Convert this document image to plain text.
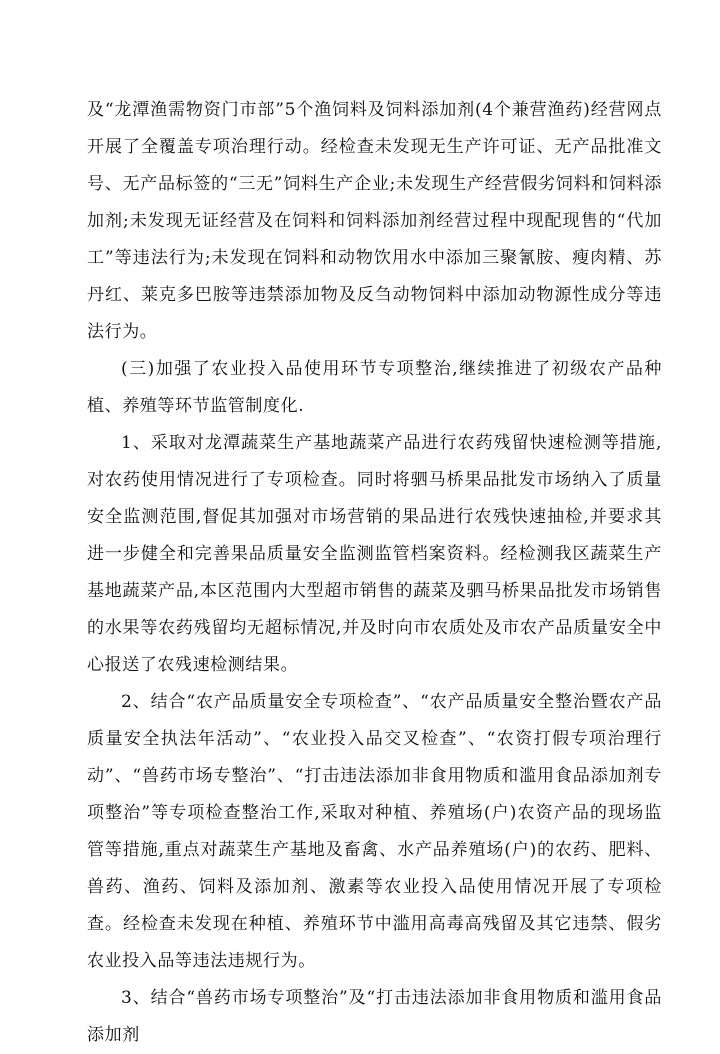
及“龙潭渔需物资门市部”5个渔饲料及饲料添加剂(4个兼营渔药)经营网点开展了全覆盖专项治理行动。经检查未发现无生产许可证、无产品批准文号、无产品标签的“三无”饲料生产企业;未发现生产经营假劣饲料和饲料添加剂;未发现无证经营及在饲料和饲料添加剂经营过程中现配现售的“代加工”等违法行为;未发现在饲料和动物饮用水中添加三聚氰胺、瘦肉精、苏丹红、莱克多巴胺等违禁添加物及反刍动物饲料中添加动物源性成分等违法行为。

(三)加强了农业投入品使用环节专项整治,继续推进了初级农产品种植、养殖等环节监管制度化.

1、采取对龙潭蔬菜生产基地蔬菜产品进行农药残留快速检测等措施,对农药使用情况进行了专项检查。同时将驷马桥果品批发市场纳入了质量安全监测范围,督促其加强对市场营销的果品进行农残快速抽检,并要求其进一步健全和完善果品质量安全监测监管档案资料。经检测我区蔬菜生产基地蔬菜产品,本区范围内大型超市销售的蔬菜及驷马桥果品批发市场销售的水果等农药残留均无超标情况,并及时向市农质处及市农产品质量安全中心报送了农残速检测结果。

2、结合“农产品质量安全专项检查”、“农产品质量安全整治暨农产品质量安全执法年活动”、“农业投入品交叉检查”、“农资打假专项治理行动”、“兽药市场专整治”、“打击违法添加非食用物质和滥用食品添加剂专项整治”等专项检查整治工作,采取对种植、养殖场(户)农资产品的现场监管等措施,重点对蔬菜生产基地及畜禽、水产品养殖场(户)的农药、肥料、兽药、渔药、饲料及添加剂、激素等农业投入品使用情况开展了专项检查。经检查未发现在种植、养殖环节中滥用高毒高残留及其它违禁、假劣农业投入品等违法违规行为。

3、结合“兽药市场专项整治”及“打击违法添加非食用物质和滥用食品添加剂
